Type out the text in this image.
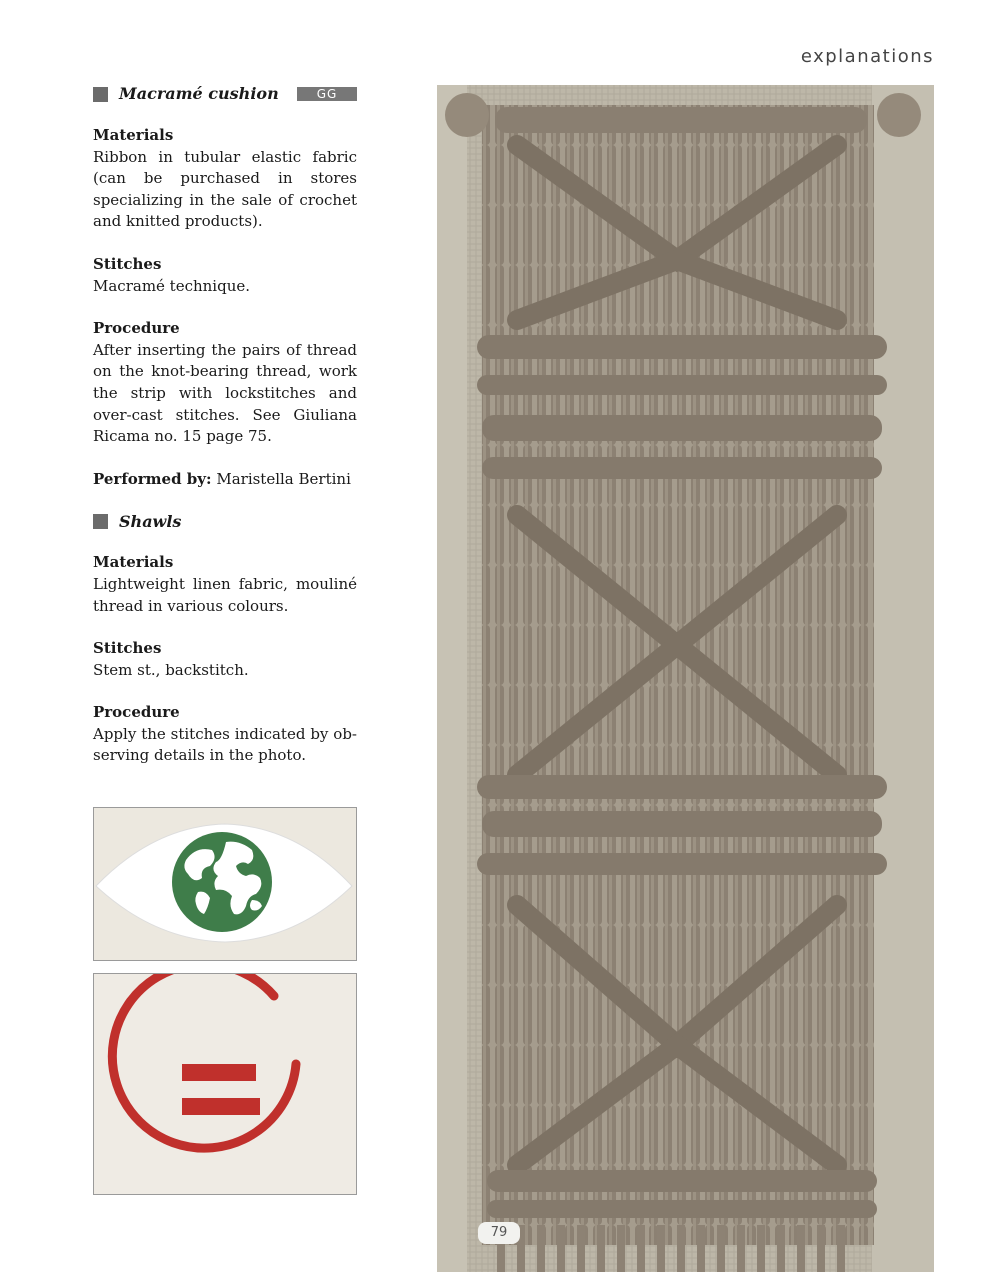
explanations
Macramé cushion	GG
Materials
Ribbon in tubular elastic fabric (can be purchased in stores specializing in the sale of crochet and knitted products).
Stitches
Macramé technique.
Procedure
After inserting the pairs of thread on the knot-bearing thread, work the strip with lockstitches and over-cast stitches. See Giuliana Ricama no. 15 page 75.
Performed by: Maristella Bertini
Shawls
Materials
Lightweight linen fabric, mouliné thread in various colours.
Stitches
Stem st., backstitch.
Procedure
Apply the stitches indicated by ob-serving details in the photo.
79
